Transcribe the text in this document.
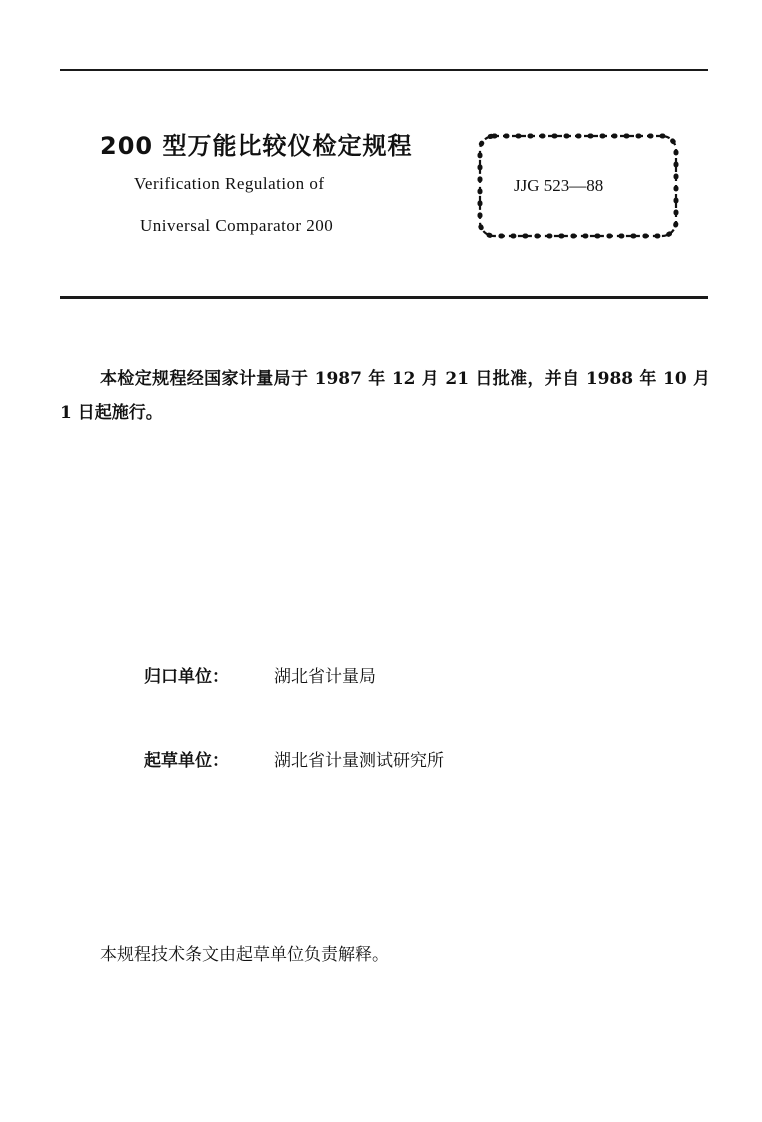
200 型万能比较仪检定规程
Verification Regulation of
Universal Comparator 200
JJG 523—88
本检定规程经国家计量局于 1987 年 12 月 21 日批准，并自 1988 年 10 月 1 日起施行。
归口单位：	湖北省计量局
起草单位：	湖北省计量测试研究所
本规程技术条文由起草单位负责解释。
